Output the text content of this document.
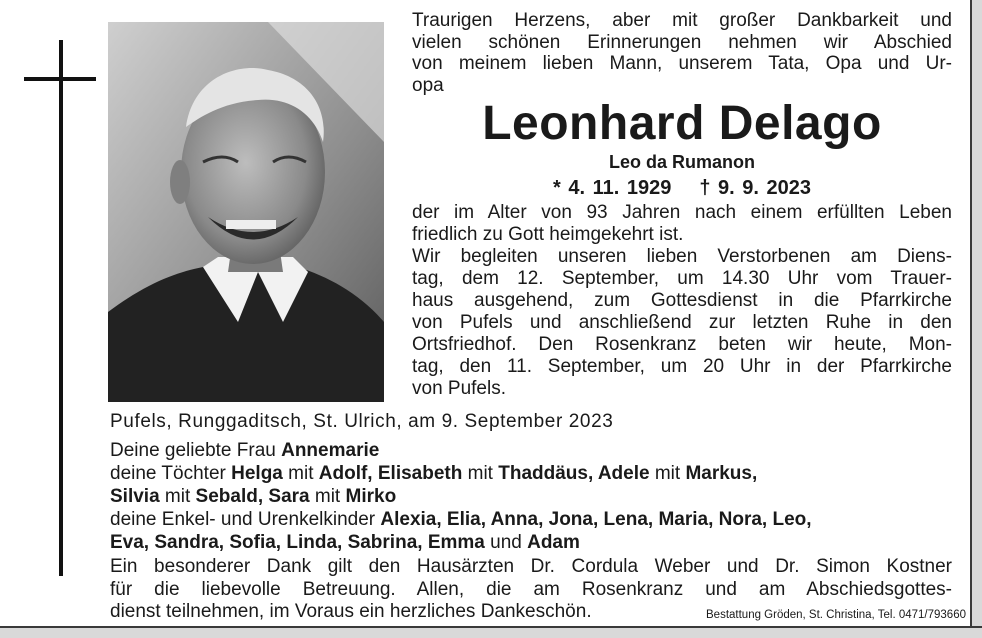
Traurigen Herzens, aber mit großer Dankbarkeit und
vielen schönen Erinnerungen nehmen wir Abschied
von meinem lieben Mann, unserem Tata, Opa und Ur-
opa
Leonhard Delago
Leo da Rumanon
* 4. 11. 1929 † 9. 9. 2023
der im Alter von 93 Jahren nach einem erfüllten Leben
friedlich zu Gott heimgekehrt ist.
Wir begleiten unseren lieben Verstorbenen am Diens-
tag, dem 12. September, um 14.30 Uhr vom Trauer-
haus ausgehend, zum Gottesdienst in die Pfarrkirche
von Pufels und anschließend zur letzten Ruhe in den
Ortsfriedhof. Den Rosenkranz beten wir heute, Mon-
tag, den 11. September, um 20 Uhr in der Pfarrkirche
von Pufels.
Pufels, Runggaditsch, St. Ulrich, am 9. September 2023
Deine geliebte Frau Annemarie
deine Töchter Helga mit Adolf, Elisabeth mit Thaddäus, Adele mit Markus,
Silvia mit Sebald, Sara mit Mirko
deine Enkel- und Urenkelkinder Alexia, Elia, Anna, Jona, Lena, Maria, Nora, Leo,
Eva, Sandra, Sofia, Linda, Sabrina, Emma und Adam
Ein besonderer Dank gilt den Hausärzten Dr. Cordula Weber und Dr. Simon Kostner
für die liebevolle Betreuung. Allen, die am Rosenkranz und am Abschiedsgottes-
dienst teilnehmen, im Voraus ein herzliches Dankeschön.	Bestattung Gröden, St. Christina, Tel. 0471/793660
